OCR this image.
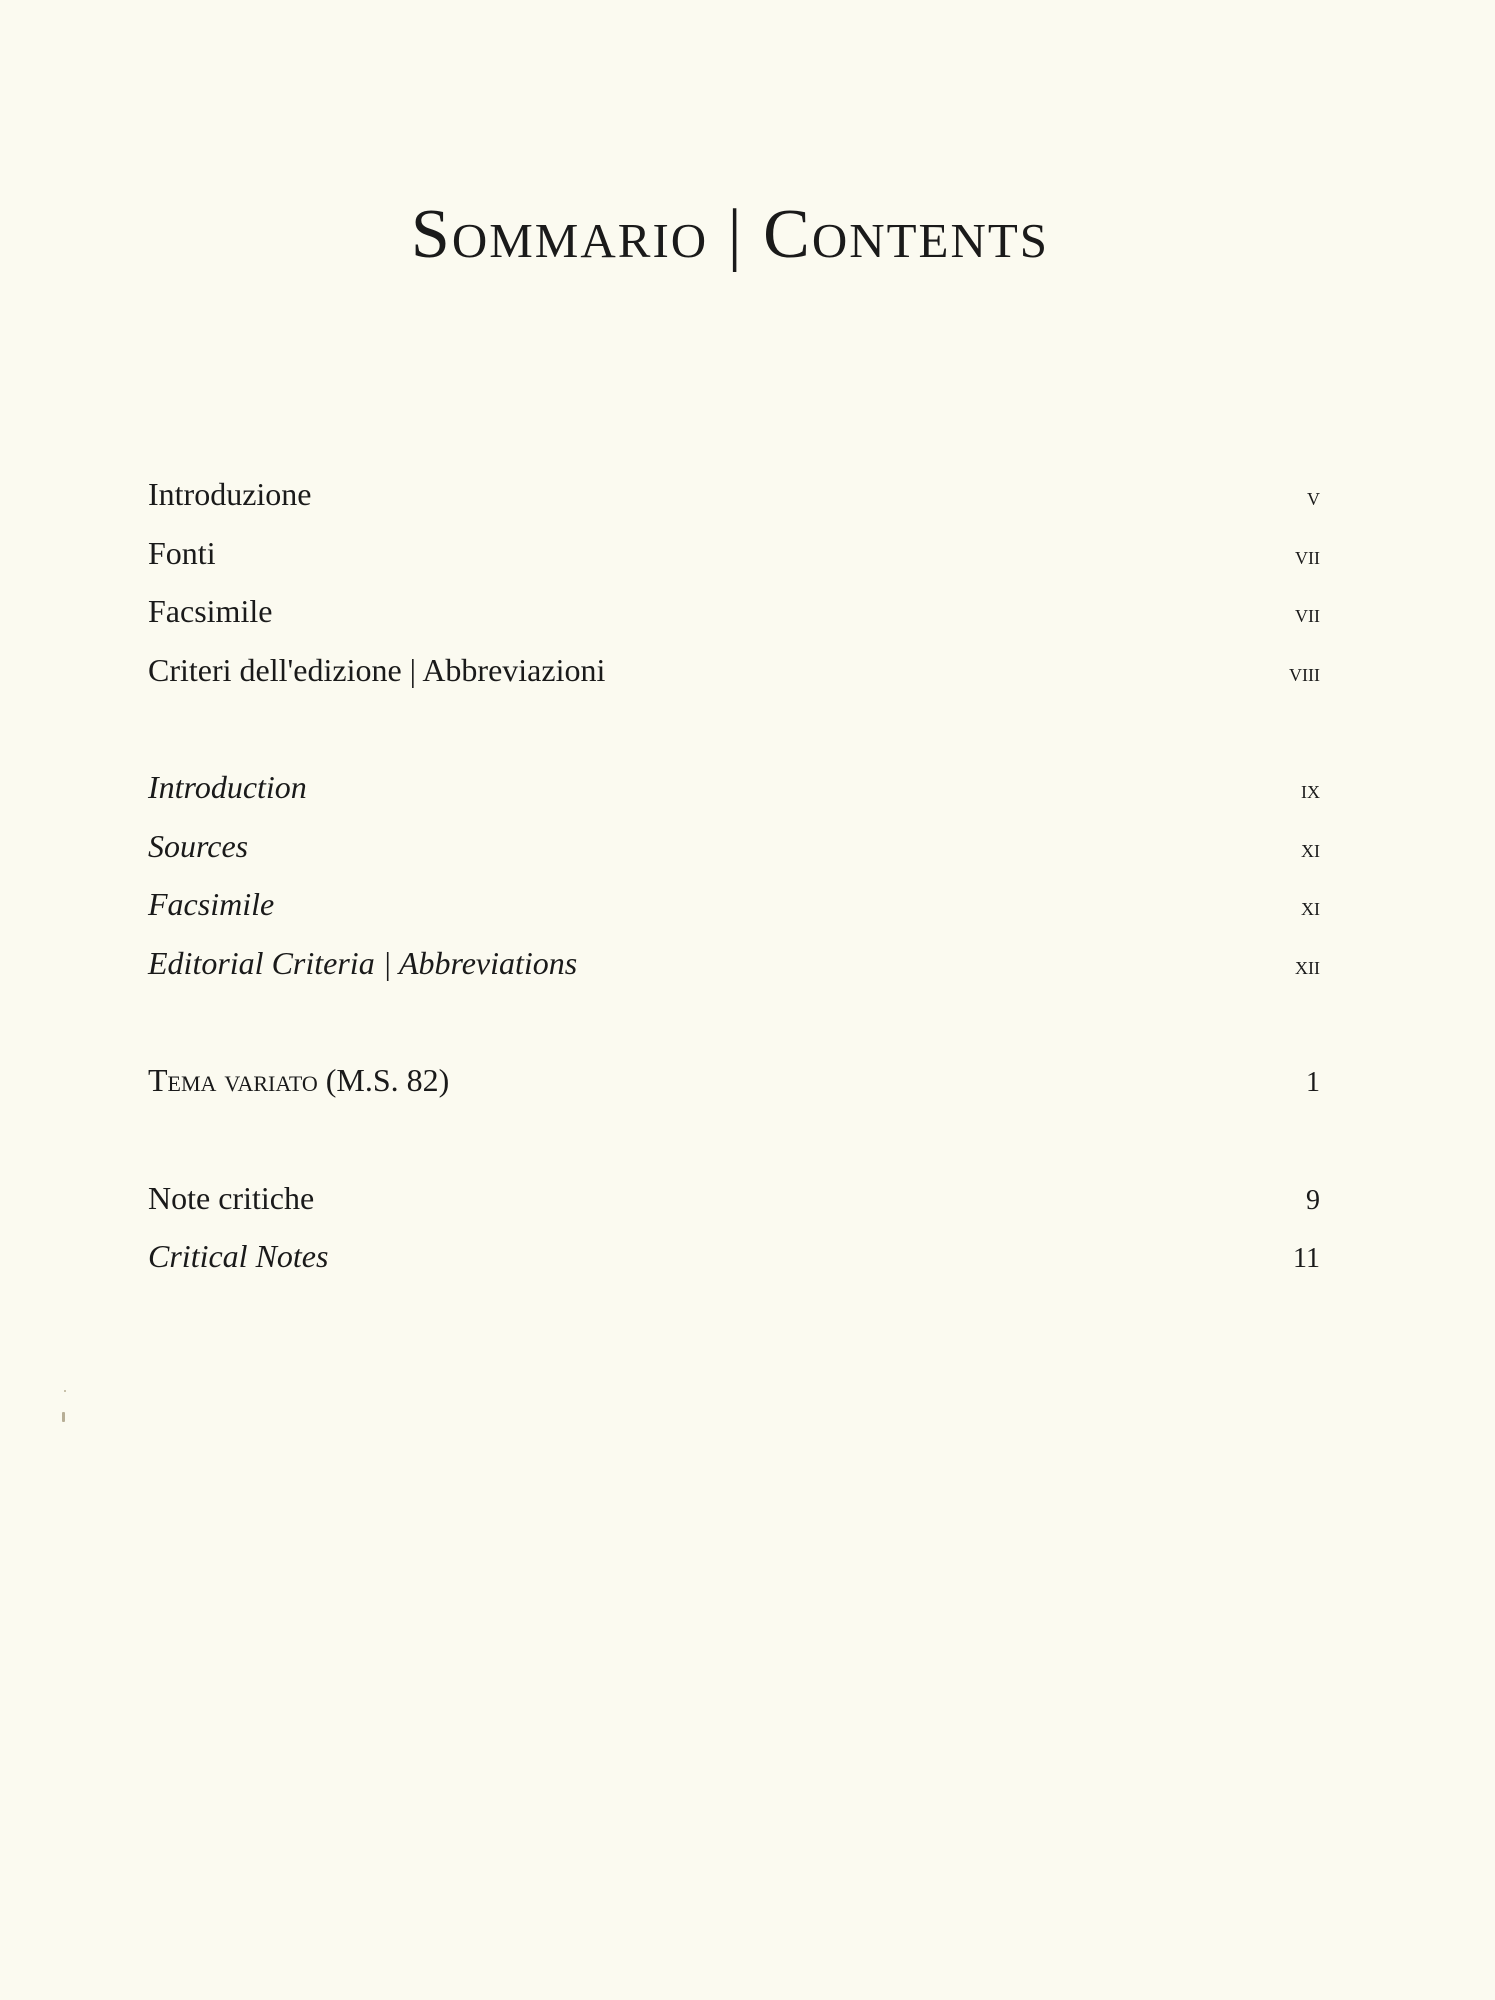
Sommario | Contents
Introduzione	v
Fonti	vii
Facsimile	vii
Criteri dell'edizione | Abbreviazioni	viii
Introduction	ix
Sources	xi
Facsimile	xi
Editorial Criteria | Abbreviations	xii
Tema variato (M.S. 82)	1
Note critiche	9
Critical Notes	11
